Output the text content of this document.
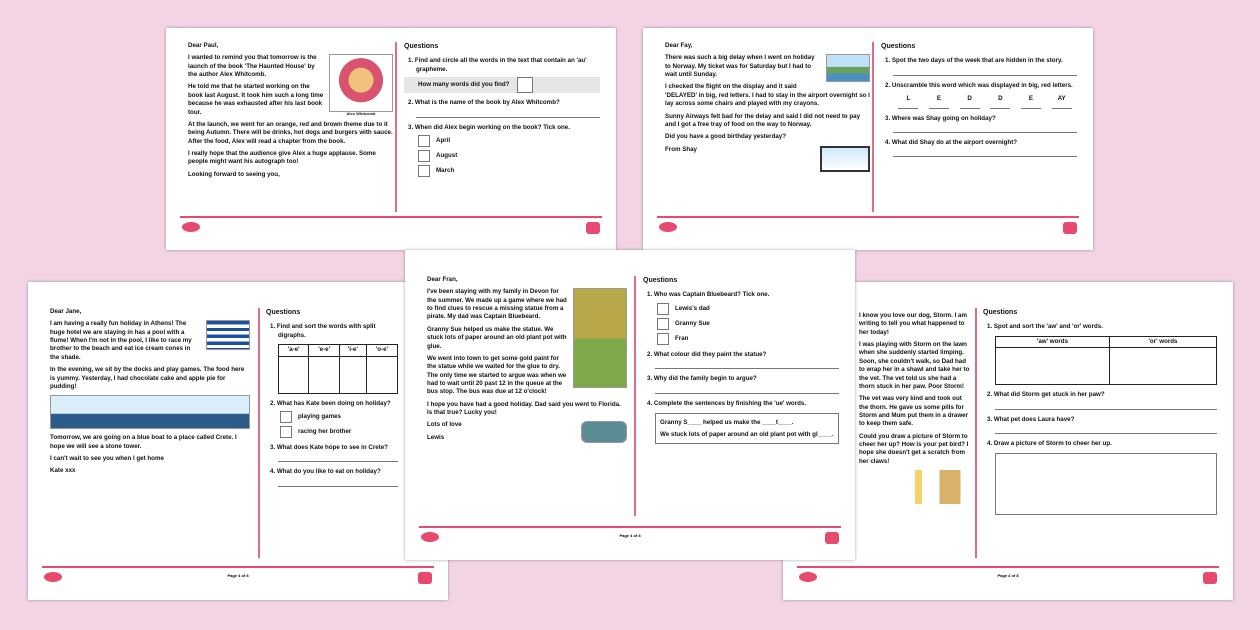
Dear Paul,

Alex Whitcomb

I wanted to remind you that tomorrow is the launch of the book 'The Haunted House' by the author Alex Whitcomb.

He told me that he started working on the book last August. It took him such a long time because he was exhausted after his last book tour.

At the launch, we went for an orange, red and brown theme due to it being Autumn. There will be drinks, hot dogs and burgers with sauce. After the food, Alex will read a chapter from the book.

I really hope that the audience give Alex a huge applause. Some people might want his autograph too!

Looking forward to seeing you,

Questions
1. Find and circle all the words in the text that contain an 'au' grapheme.
How many words did you find?
2. What is the name of the book by Alex Whitcomb?
3. When did Alex begin working on the book? Tick one.
April
August
March

Dear Fay,

There was such a big delay when I went on holiday to Norway. My ticket was for Saturday but I had to wait until Sunday.

I checked the flight on the display and it said 'DELAYED' in big, red letters. I had to stay in the airport overnight so I lay across some chairs and played with my crayons.

Sunny Airways felt bad for the delay and said I did not need to pay and I got a free tray of food on the way to Norway.

Did you have a good birthday yesterday?

From Shay

Questions
1. Spot the two days of the week that are hidden in the story.
2. Unscramble this word which was displayed in big, red letters.
L	E	D	D	E	AY
3. Where was Shay going on holiday?
4. What did Shay do at the airport overnight?

Dear Jane,

I am having a really fun holiday in Athens! The huge hotel we are staying in has a pool with a flume! When I'm not in the pool, I like to race my brother to the beach and eat ice cream cones in the shade.

In the evening, we sit by the docks and play games. The food here is yummy. Yesterday, I had chocolate cake and apple pie for pudding!

Tomorrow, we are going on a blue boat to a place called Crete. I hope we will see a stone tower.

I can't wait to see you when I get home

Kate xxx

Questions
1. Find and sort the words with split digraphs.
'a-e'	'e-e'	'i-e'	'o-e'

2. What has Kate been doing on holiday?
playing games
racing her brother
3. What does Kate hope to see in Crete?
4. What do you like to eat on holiday?
Page 4 of 8

I know you love our dog, Storm. I am writing to tell you what happened to her today!

I was playing with Storm on the lawn when she suddenly started limping. Soon, she couldn't walk, so Dad had to wrap her in a shawl and take her to the vet. The vet told us she had a thorn stuck in her paw. Poor Storm!

The vet was very kind and took out the thorn. He gave us some pills for Storm and Mum put them in a drawer to keep them safe.

Could you draw a picture of Storm to cheer her up? How is your pet bird? I hope she doesn't get a scratch from her claws!

Questions
1. Spot and sort the 'aw' and 'or' words.
'aw' words	'or' words

2. What did Storm get stuck in her paw?
3. What pet does Laura have?
4. Draw a picture of Storm to cheer her up.
Page 4 of 8

Dear Fran,

I've been staying with my family in Devon for the summer. We made up a game where we had to find clues to rescue a missing statue from a pirate. My dad was Captain Bluebeard.

Granny Sue helped us make the statue. We stuck lots of paper around an old plant pot with glue.

We went into town to get some gold paint for the statue while we waited for the glue to dry. The only time we started to argue was when we had to wait until 20 past 12 in the queue at the bus stop. The bus was due at 12 o'clock!

I hope you have had a good holiday. Dad said you went to Florida. Is that true? Lucky you!

Lots of love

Lewis

Questions
1. Who was Captain Bluebeard? Tick one.
Lewis's dad
Granny Sue
Fran
2. What colour did they paint the statue?
3. Why did the family begin to argue?
4. Complete the sentences by finishing the 'ue' words.
Granny S____ helped us make the ____t____.
We stuck lots of paper around an old plant pot with gl____.
Page 4 of 8
